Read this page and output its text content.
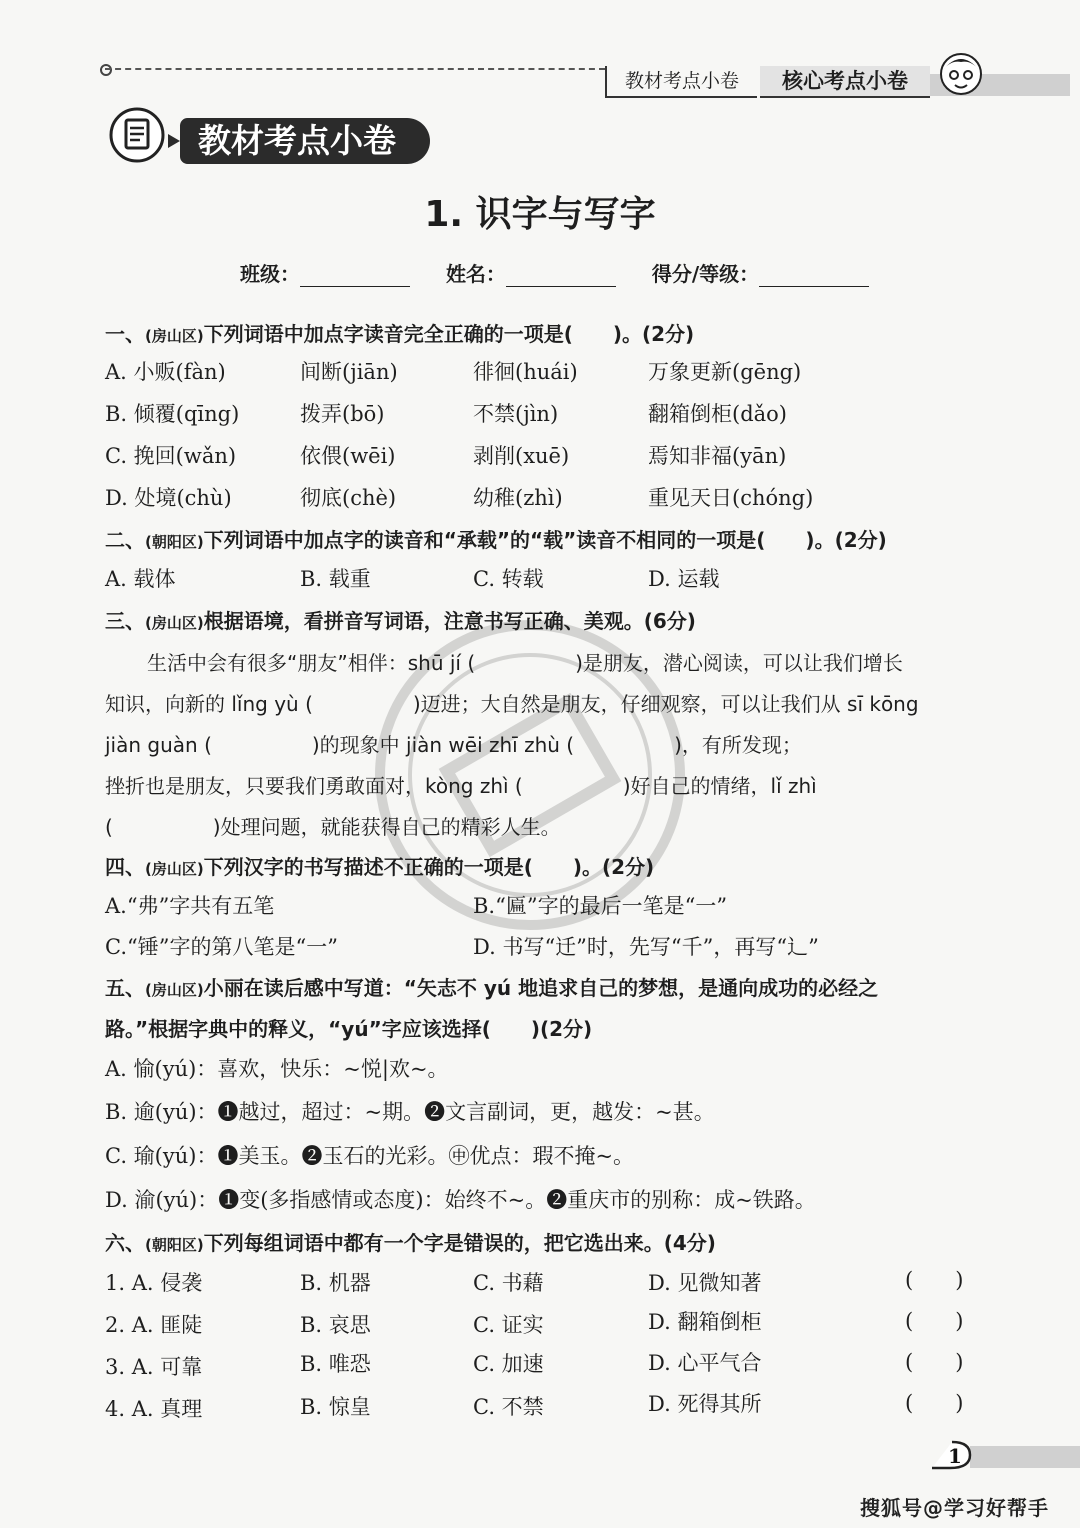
教材考点小卷	核心考点小卷
教材考点小卷
1. 识字与写字
班级：	姓名：	得分/等级：
一、(房山区)下列词语中加点字读音完全正确的一项是(　　)。(2分)
A. 小贩(fàn)	间断(jiān)	徘徊(huái)	万象更新(gēng)
B. 倾覆(qīng)	拨弄(bō)	不禁(jìn)	翻箱倒柜(dǎo)
C. 挽回(wǎn)	依偎(wēi)	剥削(xuē)	焉知非福(yān)
D. 处境(chù)	彻底(chè)	幼稚(zhì)	重见天日(chóng)
二、(朝阳区)下列词语中加点字的读音和“承载”的“载”读音不相同的一项是(　　)。(2分)
A. 载体	B. 载重	C. 转载	D. 运载
三、(房山区)根据语境，看拼音写词语，注意书写正确、美观。(6分)
生活中会有很多“朋友”相伴：shū jí (　　　　　)是朋友，潜心阅读，可以让我们增长
知识，向新的 lǐng yù (　　　　　)迈进；大自然是朋友，仔细观察，可以让我们从 sī kōng
jiàn guàn (　　　　　)的现象中 jiàn wēi zhī zhù (　　　　　)，有所发现；
挫折也是朋友，只要我们勇敢面对，kòng zhì (　　　　　)好自己的情绪，lǐ zhì
(　　　　　)处理问题，就能获得自己的精彩人生。
四、(房山区)下列汉字的书写描述不正确的一项是(　　)。(2分)
A.“弗”字共有五笔	B.“匾”字的最后一笔是“一”
C.“锤”字的第八笔是“一”	D. 书写“迁”时，先写“千”，再写“辶”
五、(房山区)小丽在读后感中写道：“矢志不 yú 地追求自己的梦想，是通向成功的必经之
路。”根据字典中的释义，“yú”字应该选择(　　)(2分)
A. 愉(yú)：喜欢，快乐：~悦|欢~。
B. 逾(yú)：❶越过，超过：~期。❷文言副词，更，越发：~甚。
C. 瑜(yú)：❶美玉。❷玉石的光彩。㊥优点：瑕不掩~。
D. 渝(yú)：❶变(多指感情或态度)：始终不~。❷重庆市的别称：成~铁路。
六、(朝阳区)下列每组词语中都有一个字是错误的，把它选出来。(4分)
1. A. 侵袭	B. 机器	C. 书藉	D. 见微知著	(　　)
2. A. 匪陡	B. 哀思	C. 证实	D. 翻箱倒柜	(　　)
3. A. 可靠	B. 唯恐	C. 加速	D. 心平气合	(　　)
4. A. 真理	B. 惊皇	C. 不禁	D. 死得其所	(　　)
1
搜狐号@学习好帮手
